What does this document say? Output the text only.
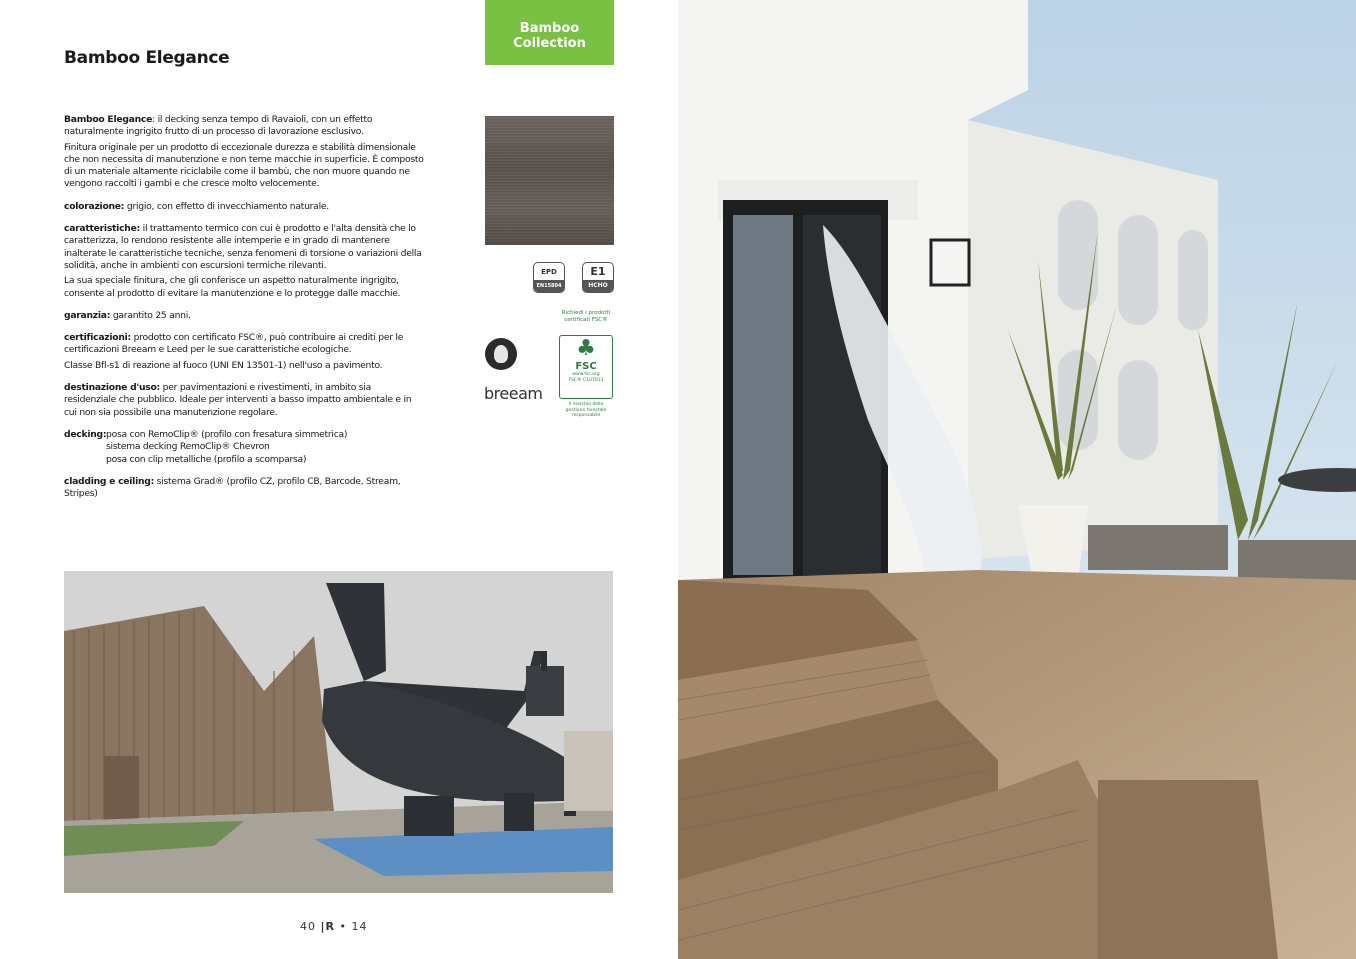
Bamboo Elegance
Bamboo
Collection

Bamboo Elegance: il decking senza tempo di Ravaioli, con un effetto naturalmente ingrigito frutto di un processo di lavorazione esclusivo.

Finitura originale per un prodotto di eccezionale durezza e stabilità dimensionale che non necessita di manutenzione e non teme macchie in superficie. È composto di un materiale altamente riciclabile come il bambù, che non muore quando ne vengono raccolti i gambi e che cresce molto velocemente.

colorazione: grigio, con effetto di invecchiamento naturale.

caratteristiche: il trattamento termico con cui è prodotto e l'alta densità che lo caratterizza, lo rendono resistente alle intemperie e in grado di mantenere inalterate le caratteristiche tecniche, senza fenomeni di torsione o variazioni della solidità, anche in ambienti con escursioni termiche rilevanti.

La sua speciale finitura, che gli conferisce un aspetto naturalmente ingrigito, consente al prodotto di evitare la manutenzione e lo protegge dalle macchie.

garanzia: garantito 25 anni.

certificazioni: prodotto con certificato FSC®, può contribuire ai crediti per le certificazioni Breeam e Leed per le sue caratteristiche ecologiche.

Classe Bfl-s1 di reazione al fuoco (UNI EN 13501-1) nell'uso a pavimento.

destinazione d'uso: per pavimentazioni e rivestimenti, in ambito sia residenziale che pubblico. Ideale per interventi a basso impatto ambientale e in cui non sia possibile una manutenzione regolare.

decking: posa con RemoClip® (profilo con fresatura simmetrica)
sistema decking RemoClip® Chevron
posa con clip metalliche (profilo a scomparsa)

cladding e ceiling: sistema Grad® (profilo CZ, profilo CB, Barcode, Stream, Stripes)

EPD
EN15804
E1
HCHO
Richiedi i prodotti certificati FSC®
breeam
♣
FSC
www.fsc.org
FSC® C107013
Il marchio della gestione forestale responsabile
40 |R • 14
